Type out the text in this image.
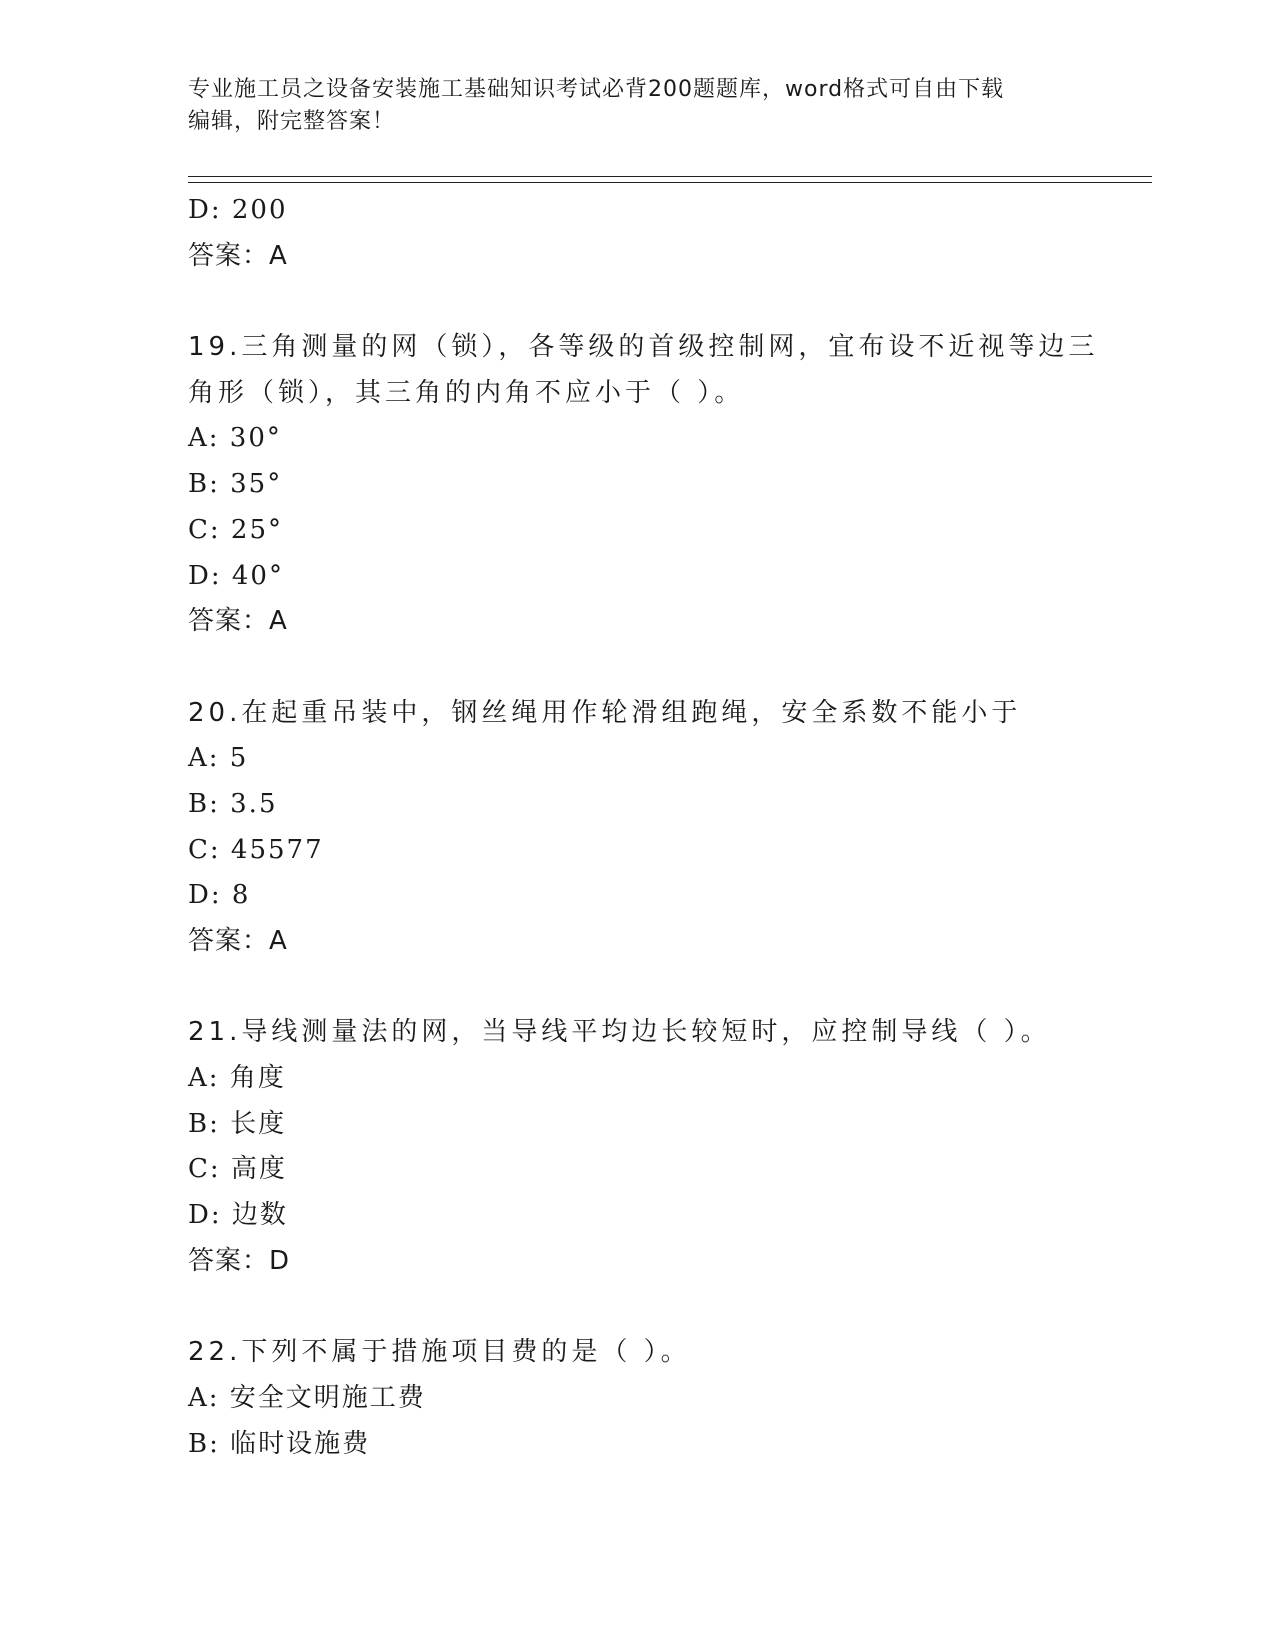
专业施工员之设备安装施工基础知识考试必背200题题库，word格式可自由下载
编辑，附完整答案！
D: 200
答案：A
19.三角测量的网（锁），各等级的首级控制网，宜布设不近视等边三
角形（锁），其三角的内角不应小于（ ）。
A: 30°
B: 35°
C: 25°
D: 40°
答案：A
20.在起重吊装中，钢丝绳用作轮滑组跑绳，安全系数不能小于
A: 5
B: 3.5
C: 45577
D: 8
答案：A
21.导线测量法的网，当导线平均边长较短时，应控制导线（ ）。
A: 角度
B: 长度
C: 高度
D: 边数
答案：D
22.下列不属于措施项目费的是（ ）。
A: 安全文明施工费
B: 临时设施费
